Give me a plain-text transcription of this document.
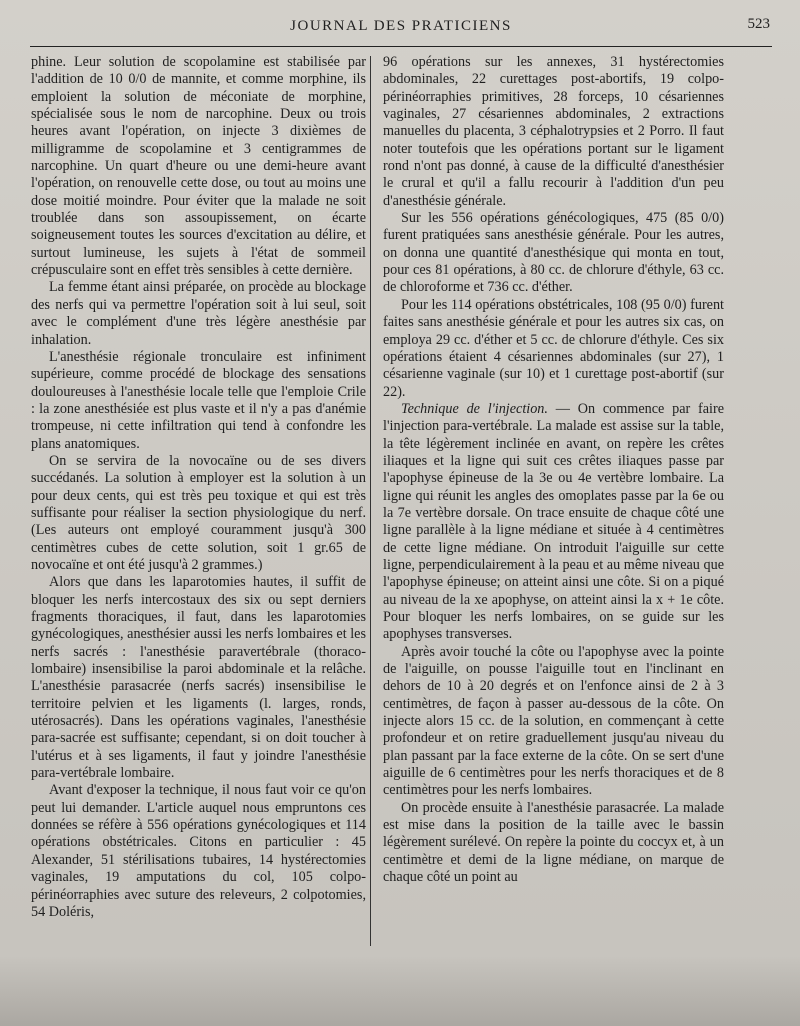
JOURNAL DES PRATICIENS	523

phine. Leur solution de scopolamine est stabilisée par l'addition de 10 0/0 de mannite, et comme morphine, ils emploient la solution de méconiate de morphine, spécialisée sous le nom de narcophine. Deux ou trois heures avant l'opération, on injecte 3 dixièmes de milligramme de scopolamine et 3 centigrammes de narcophine. Un quart d'heure ou une demi-heure avant l'opération, on renouvelle cette dose, ou tout au moins une dose moitié moindre. Pour éviter que la malade ne soit troublée dans son assoupissement, on écarte soigneusement toutes les sources d'excitation au délire, et surtout lumineuse, les sujets à l'état de sommeil crépusculaire sont en effet très sensibles à cette dernière.

La femme étant ainsi préparée, on procède au blockage des nerfs qui va permettre l'opération soit à lui seul, soit avec le complément d'une très légère anesthésie par inhalation.

L'anesthésie régionale tronculaire est infiniment supérieure, comme procédé de blockage des sensations douloureuses à l'anesthésie locale telle que l'emploie Crile : la zone anesthésiée est plus vaste et il n'y a pas d'anémie trompeuse, ni cette infiltration qui tend à confondre les plans anatomiques.

On se servira de la novocaïne ou de ses divers succédanés. La solution à employer est la solution à un pour deux cents, qui est très peu toxique et qui est très suffisante pour réaliser la section physiologique du nerf. (Les auteurs ont employé couramment jusqu'à 300 centimètres cubes de cette solution, soit 1 gr.65 de novocaïne et ont été jusqu'à 2 grammes.)

Alors que dans les laparotomies hautes, il suffit de bloquer les nerfs intercostaux des six ou sept derniers fragments thoraciques, il faut, dans les laparotomies gynécologiques, anesthésier aussi les nerfs lombaires et les nerfs sacrés : l'anesthésie paravertébrale (thoraco-lombaire) insensibilise la paroi abdominale et la relâche. L'anesthésie parasacrée (nerfs sacrés) insensibilise le territoire pelvien et les ligaments (l. larges, ronds, utérosacrés). Dans les opérations vaginales, l'anesthésie para-sacrée est suffisante; cependant, si on doit toucher à l'utérus et à ses ligaments, il faut y joindre l'anesthésie para-vertébrale lombaire.

Avant d'exposer la technique, il nous faut voir ce qu'on peut lui demander. L'article auquel nous empruntons ces données se réfère à 556 opérations gynécologiques et 114 opérations obstétricales. Citons en particulier : 45 Alexander, 51 stérilisations tubaires, 14 hystérectomies vaginales, 19 amputations du col, 105 colpo-périnéorraphies avec suture des releveurs, 2 colpotomies, 54 Doléris,

96 opérations sur les annexes, 31 hystérectomies abdominales, 22 curettages post-abortifs, 19 colpo-périnéorraphies primitives, 28 forceps, 10 césariennes vaginales, 27 césariennes abdominales, 2 extractions manuelles du placenta, 3 céphalotrypsies et 2 Porro. Il faut noter toutefois que les opérations portant sur le ligament rond n'ont pas donné, à cause de la difficulté d'anesthésier le crural et qu'il a fallu recourir à l'addition d'un peu d'anesthésie générale.

Sur les 556 opérations génécologiques, 475 (85 0/0) furent pratiquées sans anesthésie générale. Pour les autres, on donna une quantité d'anesthésique qui monta en tout, pour ces 81 opérations, à 80 cc. de chlorure d'éthyle, 63 cc. de chloroforme et 736 cc. d'éther.

Pour les 114 opérations obstétricales, 108 (95 0/0) furent faites sans anesthésie générale et pour les autres six cas, on employa 29 cc. d'éther et 5 cc. de chlorure d'éthyle. Ces six opérations étaient 4 césariennes abdominales (sur 27), 1 césarienne vaginale (sur 10) et 1 curettage post-abortif (sur 22).

Technique de l'injection. — On commence par faire l'injection para-vertébrale. La malade est assise sur la table, la tête légèrement inclinée en avant, on repère les crêtes iliaques et la ligne qui suit ces crêtes iliaques passe par l'apophyse épineuse de la 3e ou 4e vertèbre lombaire. La ligne qui réunit les angles des omoplates passe par la 6e ou la 7e vertèbre dorsale. On trace ensuite de chaque côté une ligne parallèle à la ligne médiane et située à 4 centimètres de cette ligne médiane. On introduit l'aiguille sur cette ligne, perpendiculairement à la peau et au même niveau que l'apophyse épineuse; on atteint ainsi une côte. Si on a piqué au niveau de la xe apophyse, on atteint ainsi la x + 1e côte. Pour bloquer les nerfs lombaires, on se guide sur les apophyses transverses.

Après avoir touché la côte ou l'apophyse avec la pointe de l'aiguille, on pousse l'aiguille tout en l'inclinant en dehors de 10 à 20 degrés et on l'enfonce ainsi de 2 à 3 centimètres, de façon à passer au-dessous de la côte. On injecte alors 15 cc. de la solution, en commençant à cette profondeur et on retire graduellement jusqu'au niveau du plan passant par la face externe de la côte. On se sert d'une aiguille de 6 centimètres pour les nerfs thoraciques et de 8 centimètres pour les nerfs lombaires.

On procède ensuite à l'anesthésie parasacrée. La malade est mise dans la position de la taille avec le bassin légèrement surélevé. On repère la pointe du coccyx et, à un centimètre et demi de la ligne médiane, on marque de chaque côté un point au
